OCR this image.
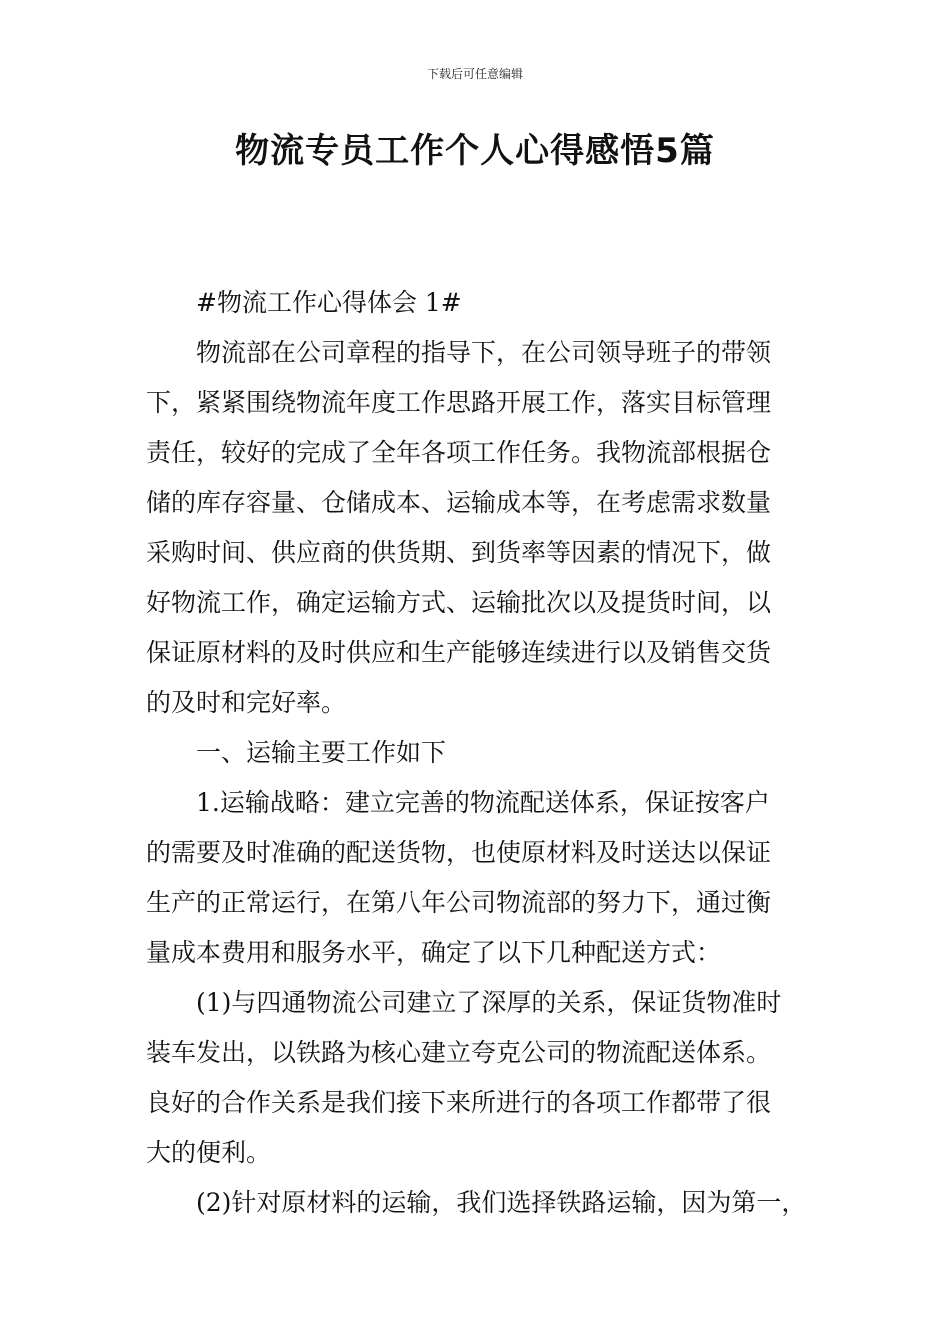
下载后可任意编辑
物流专员工作个人心得感悟5篇

#物流工作心得体会 1#

物流部在公司章程的指导下，在公司领导班子的带领

下，紧紧围绕物流年度工作思路开展工作，落实目标管理

责任，较好的完成了全年各项工作任务。我物流部根据仓

储的库存容量、仓储成本、运输成本等，在考虑需求数量

采购时间、供应商的供货期、到货率等因素的情况下，做

好物流工作，确定运输方式、运输批次以及提货时间，以

保证原材料的及时供应和生产能够连续进行以及销售交货

的及时和完好率。

一、运输主要工作如下

1.运输战略：建立完善的物流配送体系，保证按客户

的需要及时准确的配送货物，也使原材料及时送达以保证

生产的正常运行，在第八年公司物流部的努力下，通过衡

量成本费用和服务水平，确定了以下几种配送方式：

(1)与四通物流公司建立了深厚的关系，保证货物准时

装车发出，以铁路为核心建立夸克公司的物流配送体系。

良好的合作关系是我们接下来所进行的各项工作都带了很

大的便利。

(2)针对原材料的运输，我们选择铁路运输，因为第一，
